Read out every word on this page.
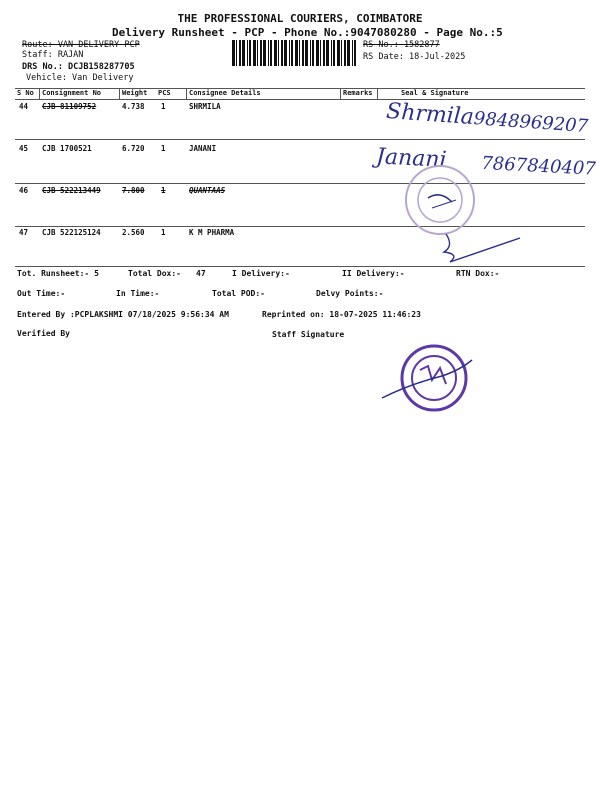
THE PROFESSIONAL COURIERS, COIMBATORE
Delivery Runsheet - PCP - Phone No.:9047080280 - Page No.:5
Route: VAN DELIVERY PCP
Staff: RAJAN
DRS No.: DCJB158287705
Vehicle: Van Delivery
RS No.: 1582877
RS Date: 18-Jul-2025
S No Consignment No	Weight PCS	Consignee Details	Remarks	Seal & Signature
44 CJB 81109752	4.738 1	SHRMILA
45 CJB 1700521	6.720 1	JANANI
46 CJB 522213449	7.800 1	QUANTAAS
47 CJB 522125124	2.560 1	K M PHARMA
Shrmila9848969207
Janani 7867840407
Tot. Runsheet:- 5	Total Dox:- 47	I Delivery:-	II Delivery:-	RTN Dox:-
Out Time:-	In Time:-	Total POD:-	Delvy Points:-
Entered By :PCPLAKSHMI 07/18/2025 9:56:34 AM	Reprinted on: 18-07-2025 11:46:23
Verified By	Staff Signature
